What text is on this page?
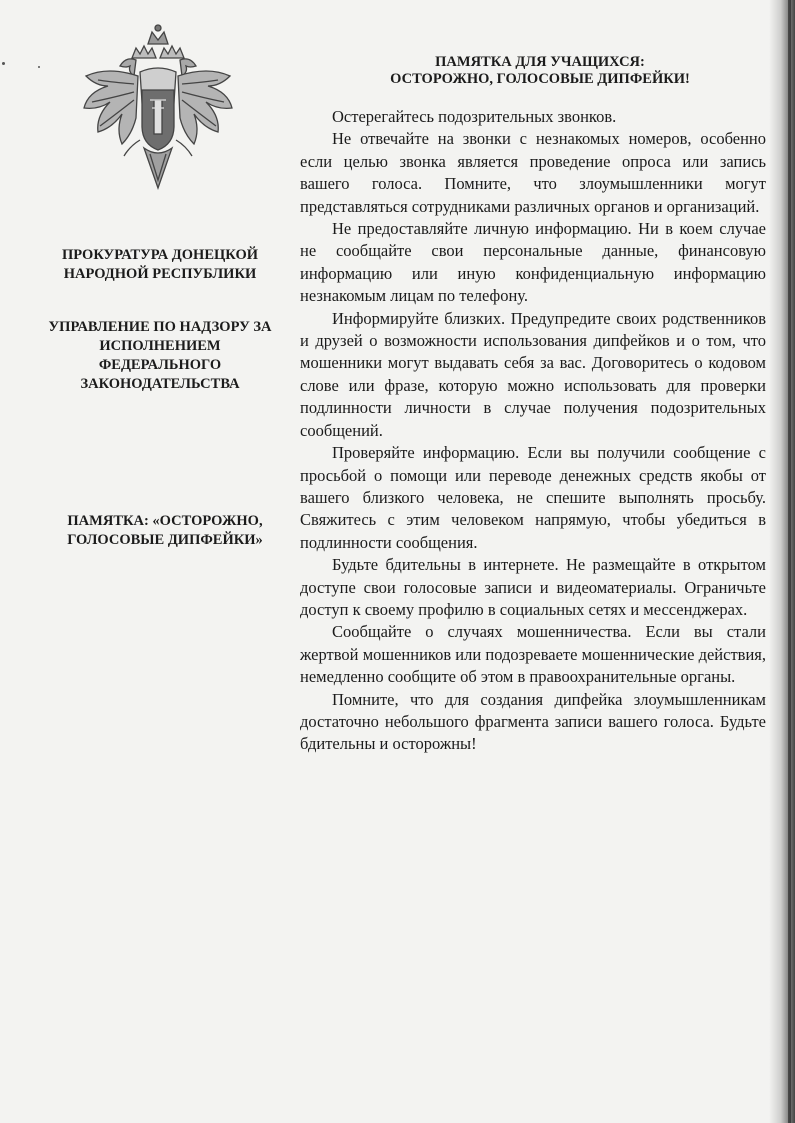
ПРОКУРАТУРА ДОНЕЦКОЙ НАРОДНОЙ РЕСПУБЛИКИ
УПРАВЛЕНИЕ ПО НАДЗОРУ ЗА ИСПОЛНЕНИЕМ ФЕДЕРАЛЬНОГО ЗАКОНОДАТЕЛЬСТВА
ПАМЯТКА: «ОСТОРОЖНО, ГОЛОСОВЫЕ ДИПФЕЙКИ»
ПАМЯТКА ДЛЯ УЧАЩИХСЯ:
ОСТОРОЖНО, ГОЛОСОВЫЕ ДИПФЕЙКИ!

Остерегайтесь подозрительных звонков.

Не отвечайте на звонки с незнакомых номеров, особенно если целью звонка является проведение опроса или запись вашего голоса. Помните, что злоумышленники могут представляться сотрудниками различных органов и организаций.

Не предоставляйте личную информацию. Ни в коем случае не сообщайте свои персональные данные, финансовую информацию или иную конфиденциальную информацию незнакомым лицам по телефону.

Информируйте близких. Предупредите своих родственников и друзей о возможности использования дипфейков и о том, что мошенники могут выдавать себя за вас. Договоритесь о кодовом слове или фразе, которую можно использовать для проверки подлинности личности в случае получения подозрительных сообщений.

Проверяйте информацию. Если вы получили сообщение с просьбой о помощи или переводе денежных средств якобы от вашего близкого человека, не спешите выполнять просьбу. Свяжитесь с этим человеком напрямую, чтобы убедиться в подлинности сообщения.

Будьте бдительны в интернете. Не размещайте в открытом доступе свои голосовые записи и видеоматериалы. Ограничьте доступ к своему профилю в социальных сетях и мессенджерах.

Сообщайте о случаях мошенничества. Если вы стали жертвой мошенников или подозреваете мошеннические действия, немедленно сообщите об этом в правоохранительные органы.

Помните, что для создания дипфейка злоумышленникам достаточно небольшого фрагмента записи вашего голоса. Будьте бдительны и осторожны!
